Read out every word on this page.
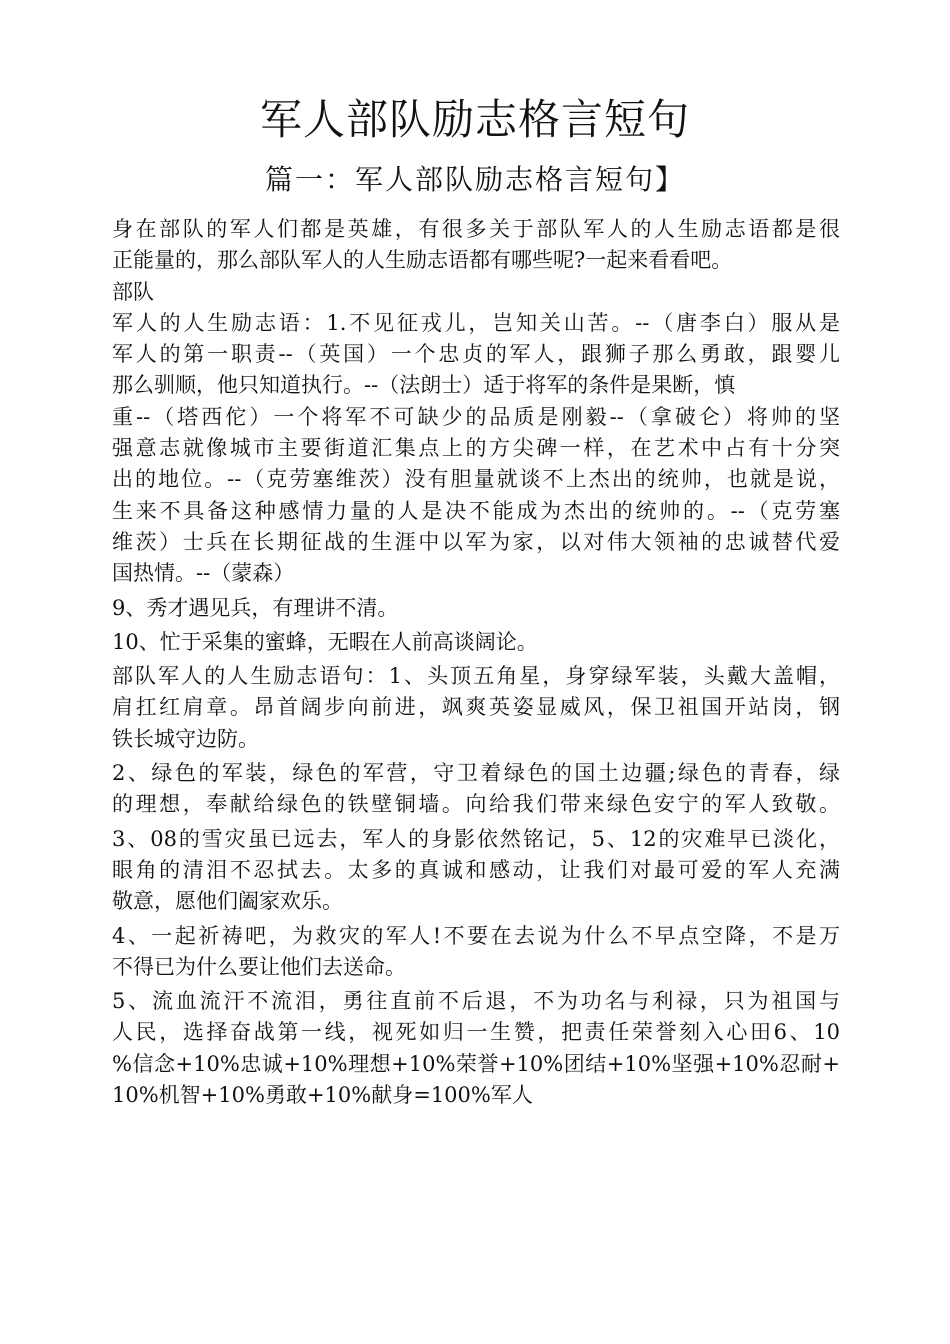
军人部队励志格言短句
篇一：军人部队励志格言短句】
身在部队的军人们都是英雄，有很多关于部队军人的人生励志语都是很
正能量的，那么部队军人的人生励志语都有哪些呢?一起来看看吧。
部队
军人的人生励志语：1.不见征戎儿，岂知关山苦。--（唐李白）服从是
军人的第一职责--（英国）一个忠贞的军人，跟狮子那么勇敢，跟婴儿
那么驯顺，他只知道执行。--（法朗士）适于将军的条件是果断，慎
重--（塔西佗）一个将军不可缺少的品质是刚毅--（拿破仑）将帅的坚
强意志就像城市主要街道汇集点上的方尖碑一样，在艺术中占有十分突
出的地位。--（克劳塞维茨）没有胆量就谈不上杰出的统帅，也就是说，
生来不具备这种感情力量的人是决不能成为杰出的统帅的。--（克劳塞
维茨）士兵在长期征战的生涯中以军为家，以对伟大领袖的忠诚替代爱
国热情。--（蒙森）
9、秀才遇见兵，有理讲不清。
10、忙于采集的蜜蜂，无暇在人前高谈阔论。
部队军人的人生励志语句：1、头顶五角星，身穿绿军装，头戴大盖帽，
肩扛红肩章。昂首阔步向前进，飒爽英姿显威风，保卫祖国开站岗，钢
铁长城守边防。
2、绿色的军装，绿色的军营，守卫着绿色的国土边疆;绿色的青春，绿
的理想，奉献给绿色的铁壁铜墙。向给我们带来绿色安宁的军人致敬。
3、08的雪灾虽已远去，军人的身影依然铭记，5、12的灾难早已淡化，
眼角的清泪不忍拭去。太多的真诚和感动，让我们对最可爱的军人充满
敬意，愿他们阖家欢乐。
4、一起祈祷吧，为救灾的军人!不要在去说为什么不早点空降，不是万
不得已为什么要让他们去送命。
5、流血流汗不流泪，勇往直前不后退，不为功名与利禄，只为祖国与
人民，选择奋战第一线，视死如归一生赞，把责任荣誉刻入心田6、10
%信念+10%忠诚+10%理想+10%荣誉+10%团结+10%坚强+10%忍耐+
10%机智+10%勇敢+10%献身=100%军人
